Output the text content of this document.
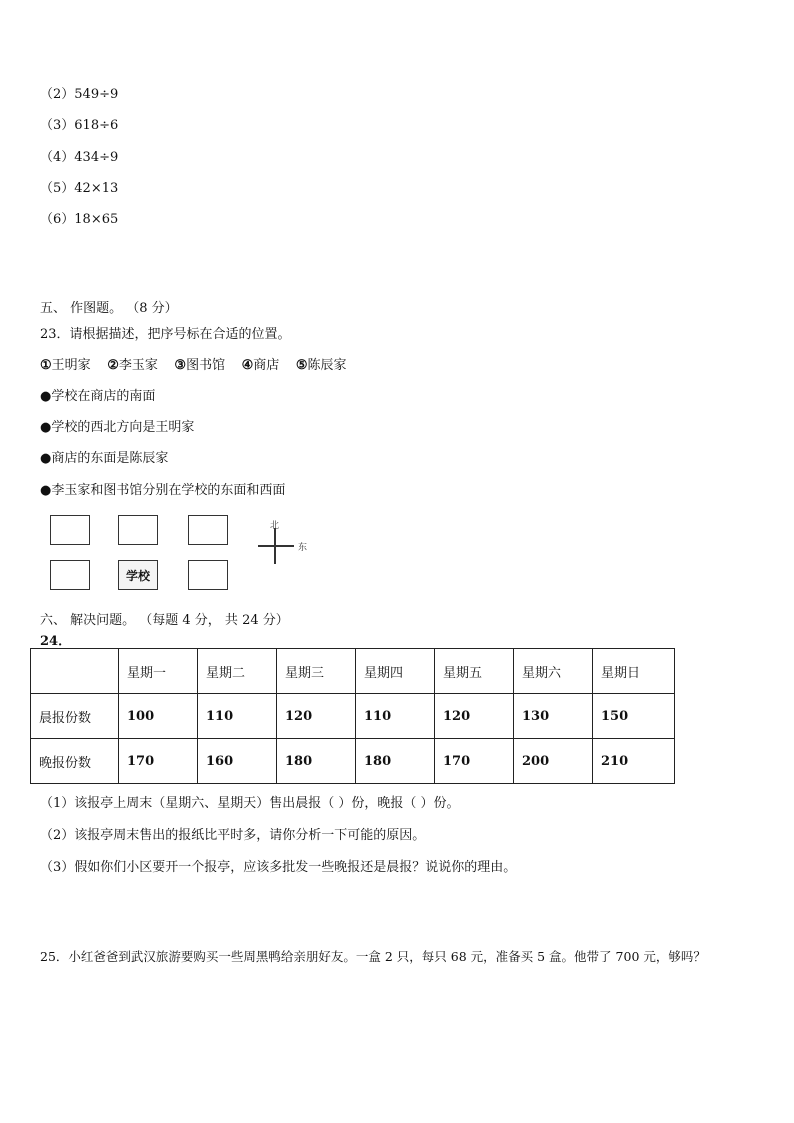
（2）549÷9
（3）618÷6
（4）434÷9
（5）42×13
（6）18×65
五、 作图题。 （8 分）
23．请根据描述，把序号标在合适的位置。
①王明家 ②李玉家 ③图书馆 ④商店 ⑤陈辰家
●学校在商店的南面
●学校的西北方向是王明家
●商店的东面是陈辰家
●李玉家和图书馆分别在学校的东面和西面
学校
北
东
六、 解决问题。 （每题 4 分， 共 24 分）
24．
	星期一	星期二	星期三	星期四	星期五	星期六	星期日
晨报份数	100	110	120	110	120	130	150
晚报份数	170	160	180	180	170	200	210
（1）该报亭上周末（星期六、星期天）售出晨报（ ）份，晚报（ ）份。
（2）该报亭周末售出的报纸比平时多，请你分析一下可能的原因。
（3）假如你们小区要开一个报亭，应该多批发一些晚报还是晨报？说说你的理由。
25．小红爸爸到武汉旅游要购买一些周黑鸭给亲朋好友。一盒 2 只，每只 68 元，准备买 5 盒。他带了 700 元，够吗？
